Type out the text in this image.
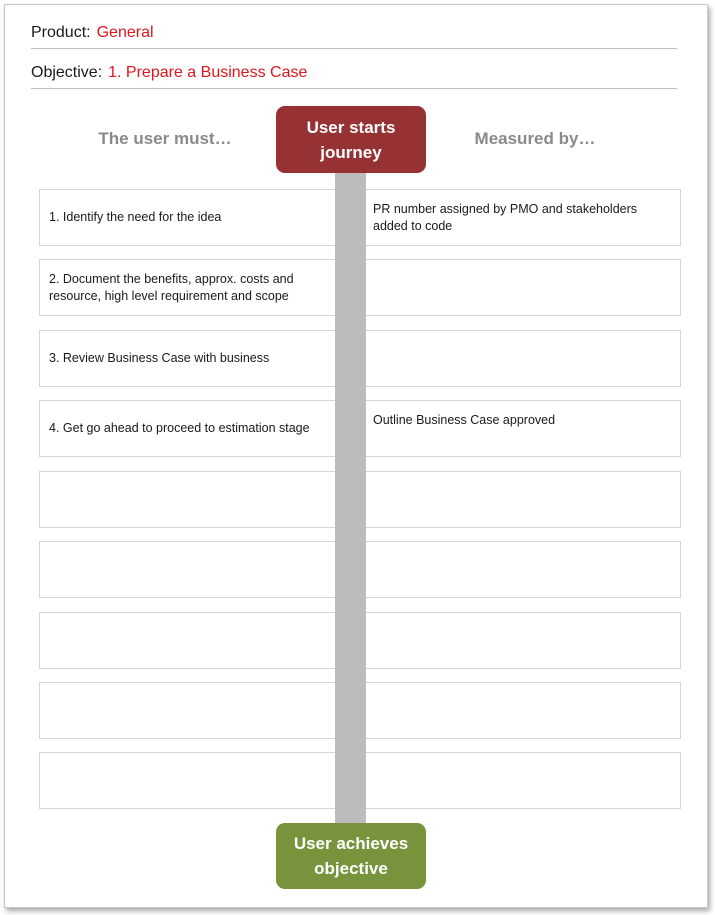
Product: General
Objective: 1. Prepare a Business Case
The user must…	Measured by…
1. Identify the need for the idea
PR number assigned by PMO and stakeholders added to code
2. Document the benefits, approx. costs and resource, high level requirement and scope
3. Review Business Case with business
4. Get go ahead to proceed to estimation stage
Outline Business Case approved
User starts journey
User achieves objective
